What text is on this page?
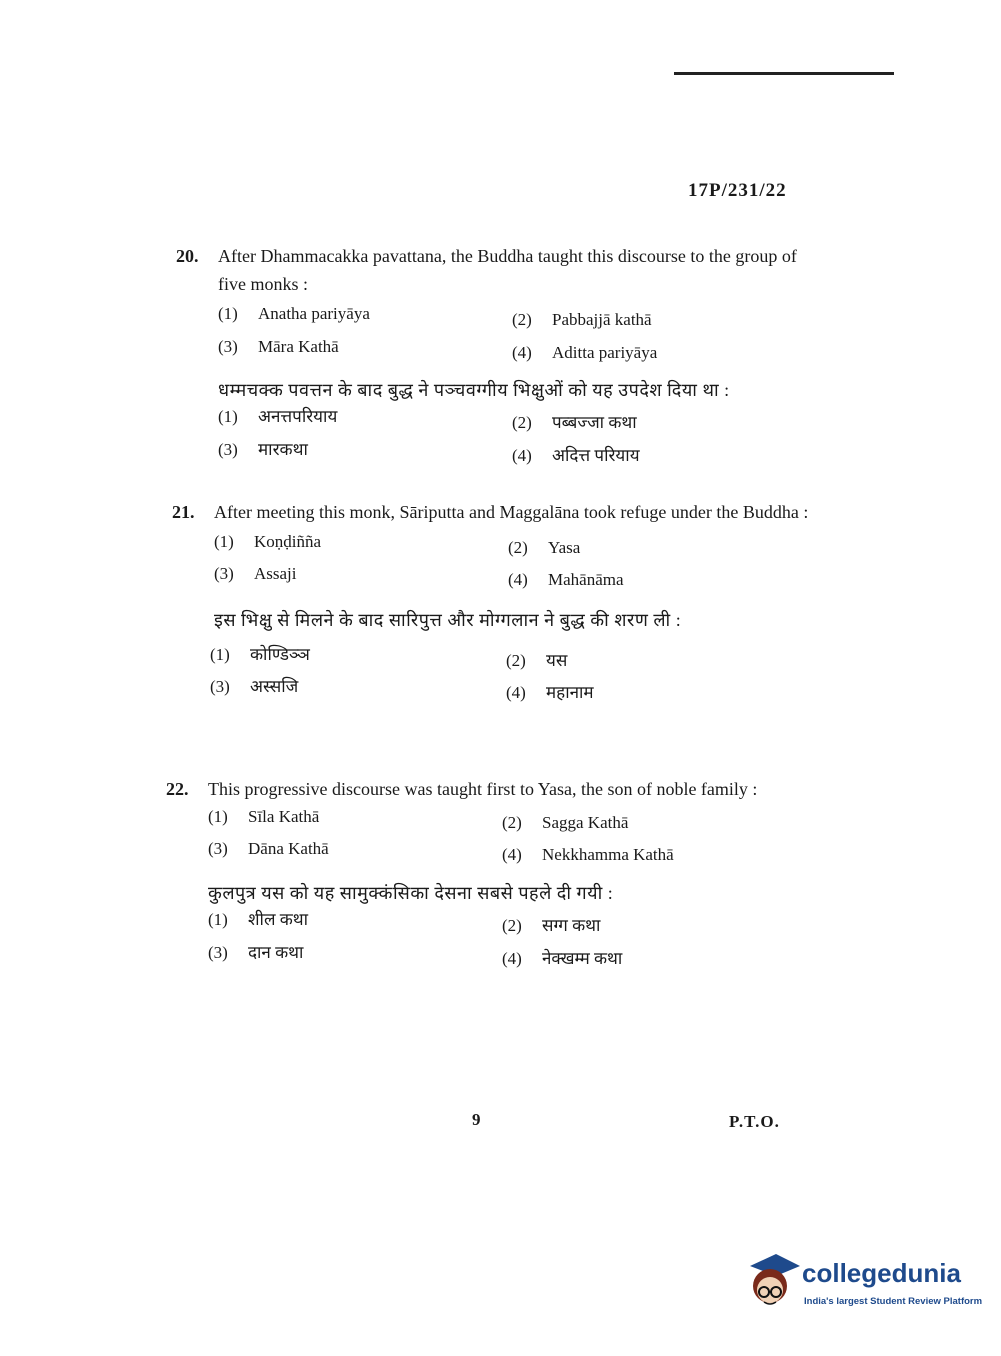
17P/231/22
20. After Dhammacakka pavattana, the Buddha taught this discourse to the group of five monks :
(1) Anatha pariyāya	(2) Pabbajjā kathā
(3) Māra Kathā	(4) Aditta pariyāya
धम्मचक्क पवत्तन के बाद बुद्ध ने पञ्चवग्गीय भिक्षुओं को यह उपदेश दिया था :
(1) अनत्तपरियाय	(2) पब्बज्जा कथा
(3) मारकथा	(4) अदित्त परियाय
21. After meeting this monk, Sāriputta and Maggalāna took refuge under the Buddha :
(1) Koṇḍiñña	(2) Yasa
(3) Assaji	(4) Mahānāma
इस भिक्षु से मिलने के बाद सारिपुत्त और मोग्गलान ने बुद्ध की शरण ली :
(1) कोण्डिञ्ञ	(2) यस
(3) अस्सजि	(4) महानाम
22. This progressive discourse was taught first to Yasa, the son of noble family :
(1) Sīla Kathā	(2) Sagga Kathā
(3) Dāna Kathā	(4) Nekkhamma Kathā
कुलपुत्र यस को यह सामुक्कंसिका देसना सबसे पहले दी गयी :
(1) शील कथा	(2) सग्ग कथा
(3) दान कथा	(4) नेक्खम्म कथा
9	P.T.O.
collegedunia
India's largest Student Review Platform
